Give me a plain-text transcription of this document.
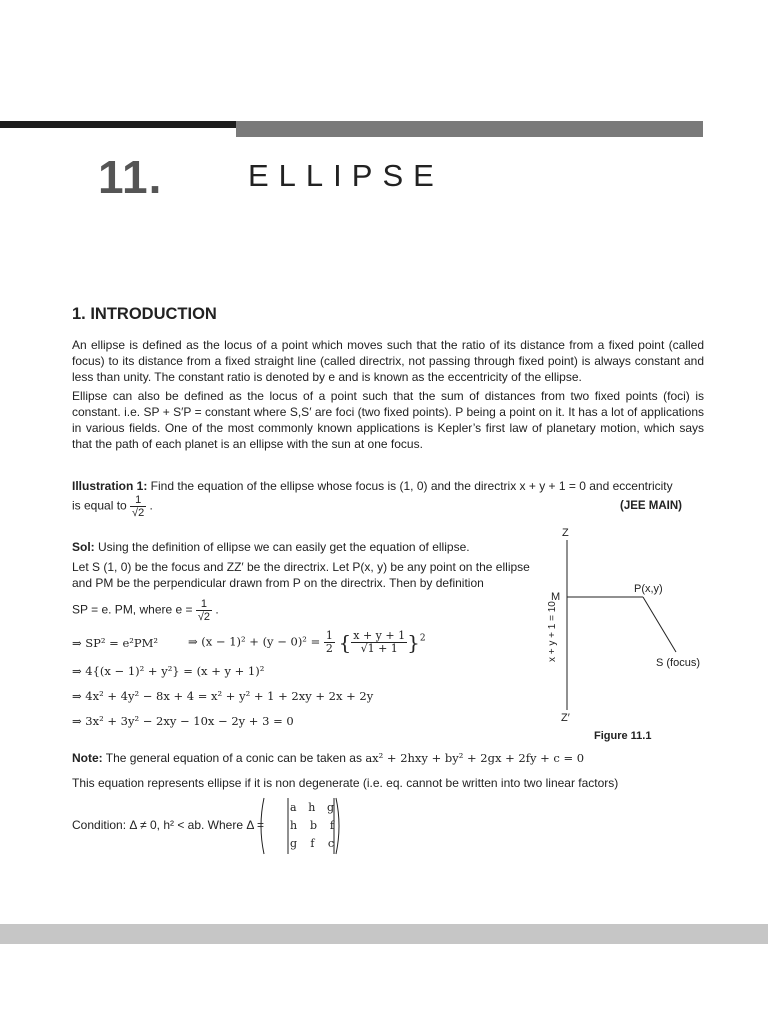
11.	ELLIPSE
1. INTRODUCTION
An ellipse is defined as the locus of a point which moves such that the ratio of its distance from a fixed point (called focus) to its distance from a fixed straight line (called directrix, not passing through fixed point) is always constant and less than unity. The constant ratio is denoted by e and is known as the eccentricity of the ellipse.
Ellipse can also be defined as the locus of a point such that the sum of distances from two fixed points (foci) is constant. i.e. SP + S′P = constant where S,S′ are foci (two fixed points). P being a point on it. It has a lot of applications in various fields. One of the most commonly known applications is Kepler’s first law of planetary motion, which says that the path of each planet is an ellipse with the sun at one focus.
Illustration 1: Find the equation of the ellipse whose focus is (1, 0) and the directrix x + y + 1 = 0 and eccentricity
is equal to $\frac{1}{√2}$ .	(JEE MAIN)
Sol: Using the definition of ellipse we can easily get the equation of ellipse.
Let S (1, 0) be the focus and ZZ′ be the directrix. Let P(x, y) be any point on the ellipse
and PM be the perpendicular drawn from P on the directrix. Then by definition
SP = e. PM, where $e = \frac{1}{√2}$ .
⇒ SP² = e²PM²	⇒ $(x - 1)^2 + (y - 0)^2 = \frac{1}{2}$ { $\frac{x + y + 1}{√1 + 1} \}^2$
⇒ 4{(x − 1)² + y²} = (x + y + 1)²
⇒ 4x² + 4y² − 8x + 4 = x² + y² + 1 + 2xy + 2x + 2y
⇒ 3x² + 3y² − 2xy − 10x − 2y + 3 = 0
x + y + 1 = 10
Z
M
P(x,y)
S (focus)
Z′
Figure 11.1
Note: The general equation of a conic can be taken as ax² + 2hxy + by² + 2gx + 2fy + c = 0
This equation represents ellipse if it is non degenerate (i.e. eq. cannot be written into two linear factors)
Condition: Δ ≠ 0, h² < ab. Where Δ =
a h g
h b f
g f c
